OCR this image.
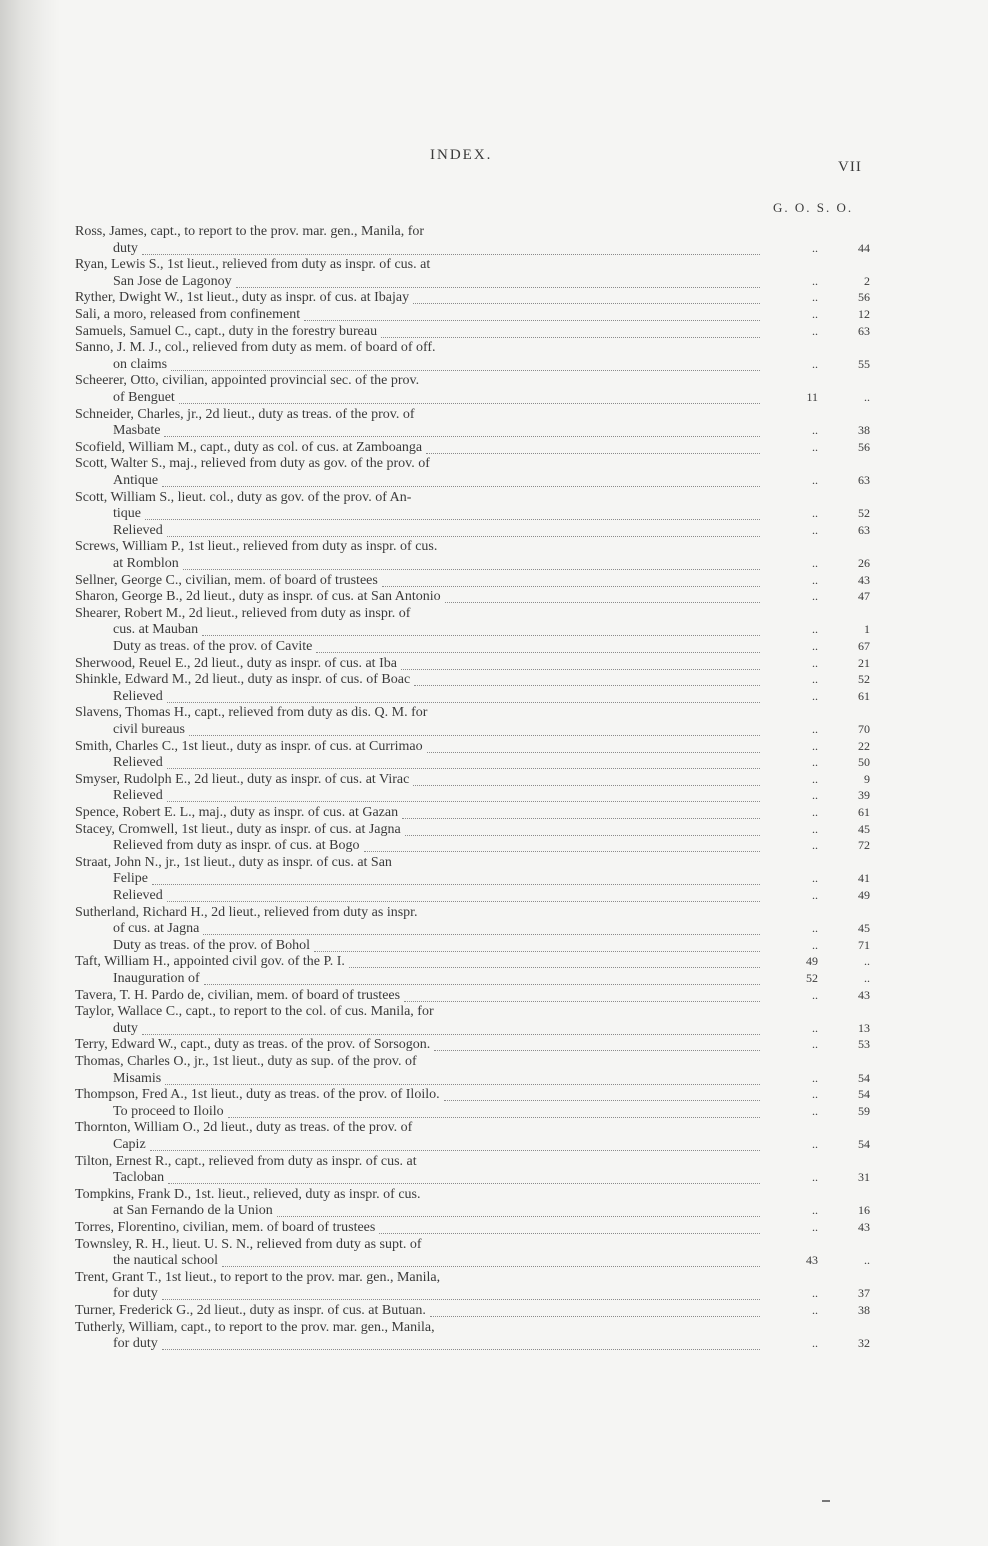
INDEX.
VII
G. O. S. O.
Ross, James, capt., to report to the prov. mar. gen., Manila, for
duty	..	44
Ryan, Lewis S., 1st lieut., relieved from duty as inspr. of cus. at
San Jose de Lagonoy	..	2
Ryther, Dwight W., 1st lieut., duty as inspr. of cus. at Ibajay	..	56
Sali, a moro, released from confinement	..	12
Samuels, Samuel C., capt., duty in the forestry bureau	..	63
Sanno, J. M. J., col., relieved from duty as mem. of board of off.
on claims	..	55
Scheerer, Otto, civilian, appointed provincial sec. of the prov.
of Benguet	11	..
Schneider, Charles, jr., 2d lieut., duty as treas. of the prov. of
Masbate	..	38
Scofield, William M., capt., duty as col. of cus. at Zamboanga	..	56
Scott, Walter S., maj., relieved from duty as gov. of the prov. of
Antique	..	63
Scott, William S., lieut. col., duty as gov. of the prov. of An-
tique	..	52
Relieved	..	63
Screws, William P., 1st lieut., relieved from duty as inspr. of cus.
at Romblon	..	26
Sellner, George C., civilian, mem. of board of trustees	..	43
Sharon, George B., 2d lieut., duty as inspr. of cus. at San Antonio	..	47
Shearer, Robert M., 2d lieut., relieved from duty as inspr. of
cus. at Mauban	..	1
Duty as treas. of the prov. of Cavite	..	67
Sherwood, Reuel E., 2d lieut., duty as inspr. of cus. at Iba	..	21
Shinkle, Edward M., 2d lieut., duty as inspr. of cus. of Boac	..	52
Relieved	..	61
Slavens, Thomas H., capt., relieved from duty as dis. Q. M. for
civil bureaus	..	70
Smith, Charles C., 1st lieut., duty as inspr. of cus. at Currimao	..	22
Relieved	..	50
Smyser, Rudolph E., 2d lieut., duty as inspr. of cus. at Virac	..	9
Relieved	..	39
Spence, Robert E. L., maj., duty as inspr. of cus. at Gazan	..	61
Stacey, Cromwell, 1st lieut., duty as inspr. of cus. at Jagna	..	45
Relieved from duty as inspr. of cus. at Bogo	..	72
Straat, John N., jr., 1st lieut., duty as inspr. of cus. at San
Felipe	..	41
Relieved	..	49
Sutherland, Richard H., 2d lieut., relieved from duty as inspr.
of cus. at Jagna	..	45
Duty as treas. of the prov. of Bohol	..	71
Taft, William H., appointed civil gov. of the P. I.	49	..
Inauguration of	52	..
Tavera, T. H. Pardo de, civilian, mem. of board of trustees	..	43
Taylor, Wallace C., capt., to report to the col. of cus. Manila, for
duty	..	13
Terry, Edward W., capt., duty as treas. of the prov. of Sorsogon.	..	53
Thomas, Charles O., jr., 1st lieut., duty as sup. of the prov. of
Misamis	..	54
Thompson, Fred A., 1st lieut., duty as treas. of the prov. of Iloilo.	..	54
To proceed to Iloilo	..	59
Thornton, William O., 2d lieut., duty as treas. of the prov. of
Capiz	..	54
Tilton, Ernest R., capt., relieved from duty as inspr. of cus. at
Tacloban	..	31
Tompkins, Frank D., 1st. lieut., relieved, duty as inspr. of cus.
at San Fernando de la Union	..	16
Torres, Florentino, civilian, mem. of board of trustees	..	43
Townsley, R. H., lieut. U. S. N., relieved from duty as supt. of
the nautical school	43	..
Trent, Grant T., 1st lieut., to report to the prov. mar. gen., Manila,
for duty	..	37
Turner, Frederick G., 2d lieut., duty as inspr. of cus. at Butuan.	..	38
Tutherly, William, capt., to report to the prov. mar. gen., Manila,
for duty	..	32
